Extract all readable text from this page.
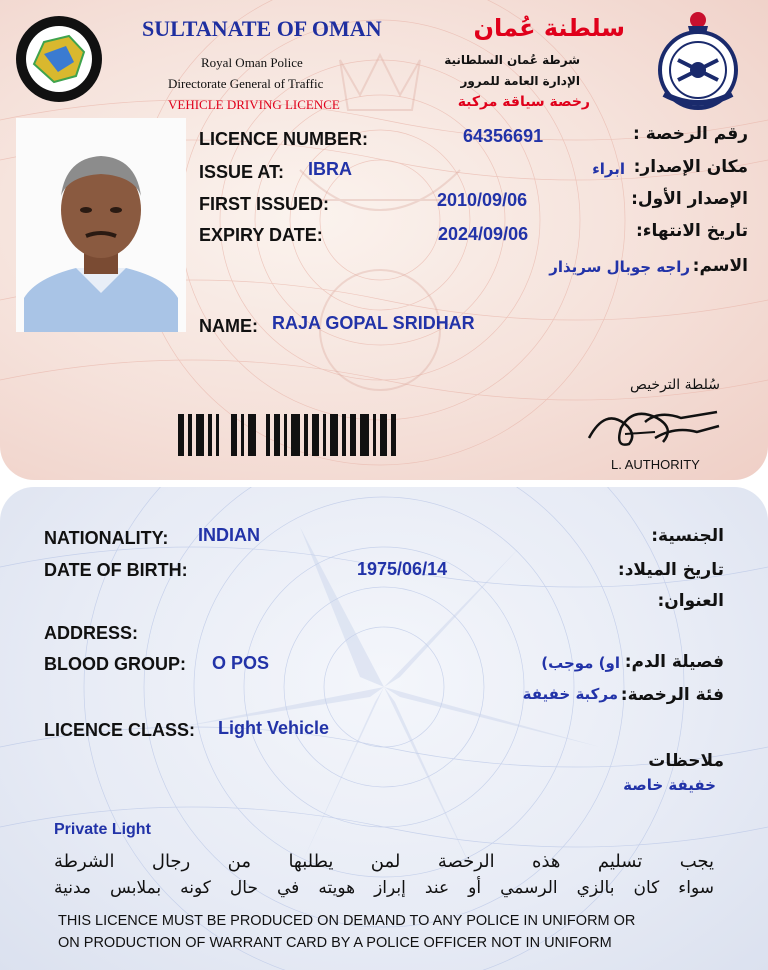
SULTANATE OF OMAN	سلطنة عُمان
Royal Oman Police
Directorate General of Traffic
VEHICLE DRIVING LICENCE
شرطة عُمان السلطانية
الإدارة العامة للمرور
رخصة سياقة مركبة
LICENCE NUMBER:	64356691	رقم الرخصة :
ISSUE AT: IBRA	مكان الإصدار:
ابراء
FIRST ISSUED:	2010/09/06	الإصدار الأول:
EXPIRY DATE:	2024/09/06	تاريخ الانتهاء:
الاسم:
راجه جوبال سريذار
NAME: RAJA GOPAL SRIDHAR
سُلطة الترخيص
L. AUTHORITY
NATIONALITY: INDIAN	الجنسية:
DATE OF BIRTH:	1975/06/14	تاريخ الميلاد:
العنوان:
ADDRESS:
BLOOD GROUP: O POS	فصيلة الدم:
او) موجب)
فئة الرخصة:
مركبة خفيفة
LICENCE CLASS: Light Vehicle
ملاحظات
خفيفة خاصة
Private Light
يجب تسليم هذه الرخصة لمن يطلبها من رجال الشرطة
سواء كان بالزي الرسمي أو عند إبراز هويته في حال كونه بملابس مدنية
THIS LICENCE MUST BE PRODUCED ON DEMAND TO ANY POLICE IN UNIFORM OR
ON PRODUCTION OF WARRANT CARD BY A POLICE OFFICER NOT IN UNIFORM
